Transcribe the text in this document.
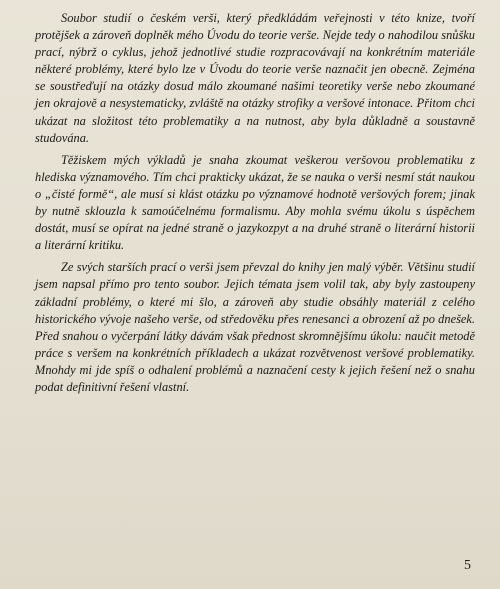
Soubor studií o českém verši, který předkládám veřejnosti v této knize, tvoří protějšek a zároveň doplněk mého Úvodu do teorie verše. Nejde tedy o nahodilou snůšku prací, nýbrž o cyklus, jehož jednotlivé studie rozpracovávají na konkrétním materiále některé problémy, které bylo lze v Úvodu do teorie verše naznačit jen obecně. Zejména se soustřeďují na otázky dosud málo zkoumané našimi teoretiky verše nebo zkoumané jen okrajově a nesystematicky, zvláště na otázky strofiky a veršové intonace. Přitom chci ukázat na složitost této problematiky a na nutnost, aby byla důkladně a soustavně studována.

Těžiskem mých výkladů je snaha zkoumat veškerou veršovou problematiku z hlediska významového. Tím chci prakticky ukázat, že se nauka o verši nesmí stát naukou o „čisté formě“, ale musí si klást otázku po významové hodnotě veršových forem; jinak by nutně sklouzla k samoúčelnému formalismu. Aby mohla svému úkolu s úspěchem dostát, musí se opírat na jedné straně o jazykozpyt a na druhé straně o literární historii a literární kritiku.

Ze svých starších prací o verši jsem převzal do knihy jen malý výběr. Většinu studií jsem napsal přímo pro tento soubor. Jejich témata jsem volil tak, aby byly zastoupeny základní problémy, o které mi šlo, a zároveň aby studie obsáhly materiál z celého historického vývoje našeho verše, od středověku přes renesanci a obrození až po dnešek. Před snahou o vyčerpání látky dávám však přednost skromnějšímu úkolu: naučit metodě práce s veršem na konkrétních příkladech a ukázat rozvětvenost veršové problematiky. Mnohdy mi jde spíš o odhalení problémů a naznačení cesty k jejich řešení než o snahu podat definitivní řešení vlastní.

5
